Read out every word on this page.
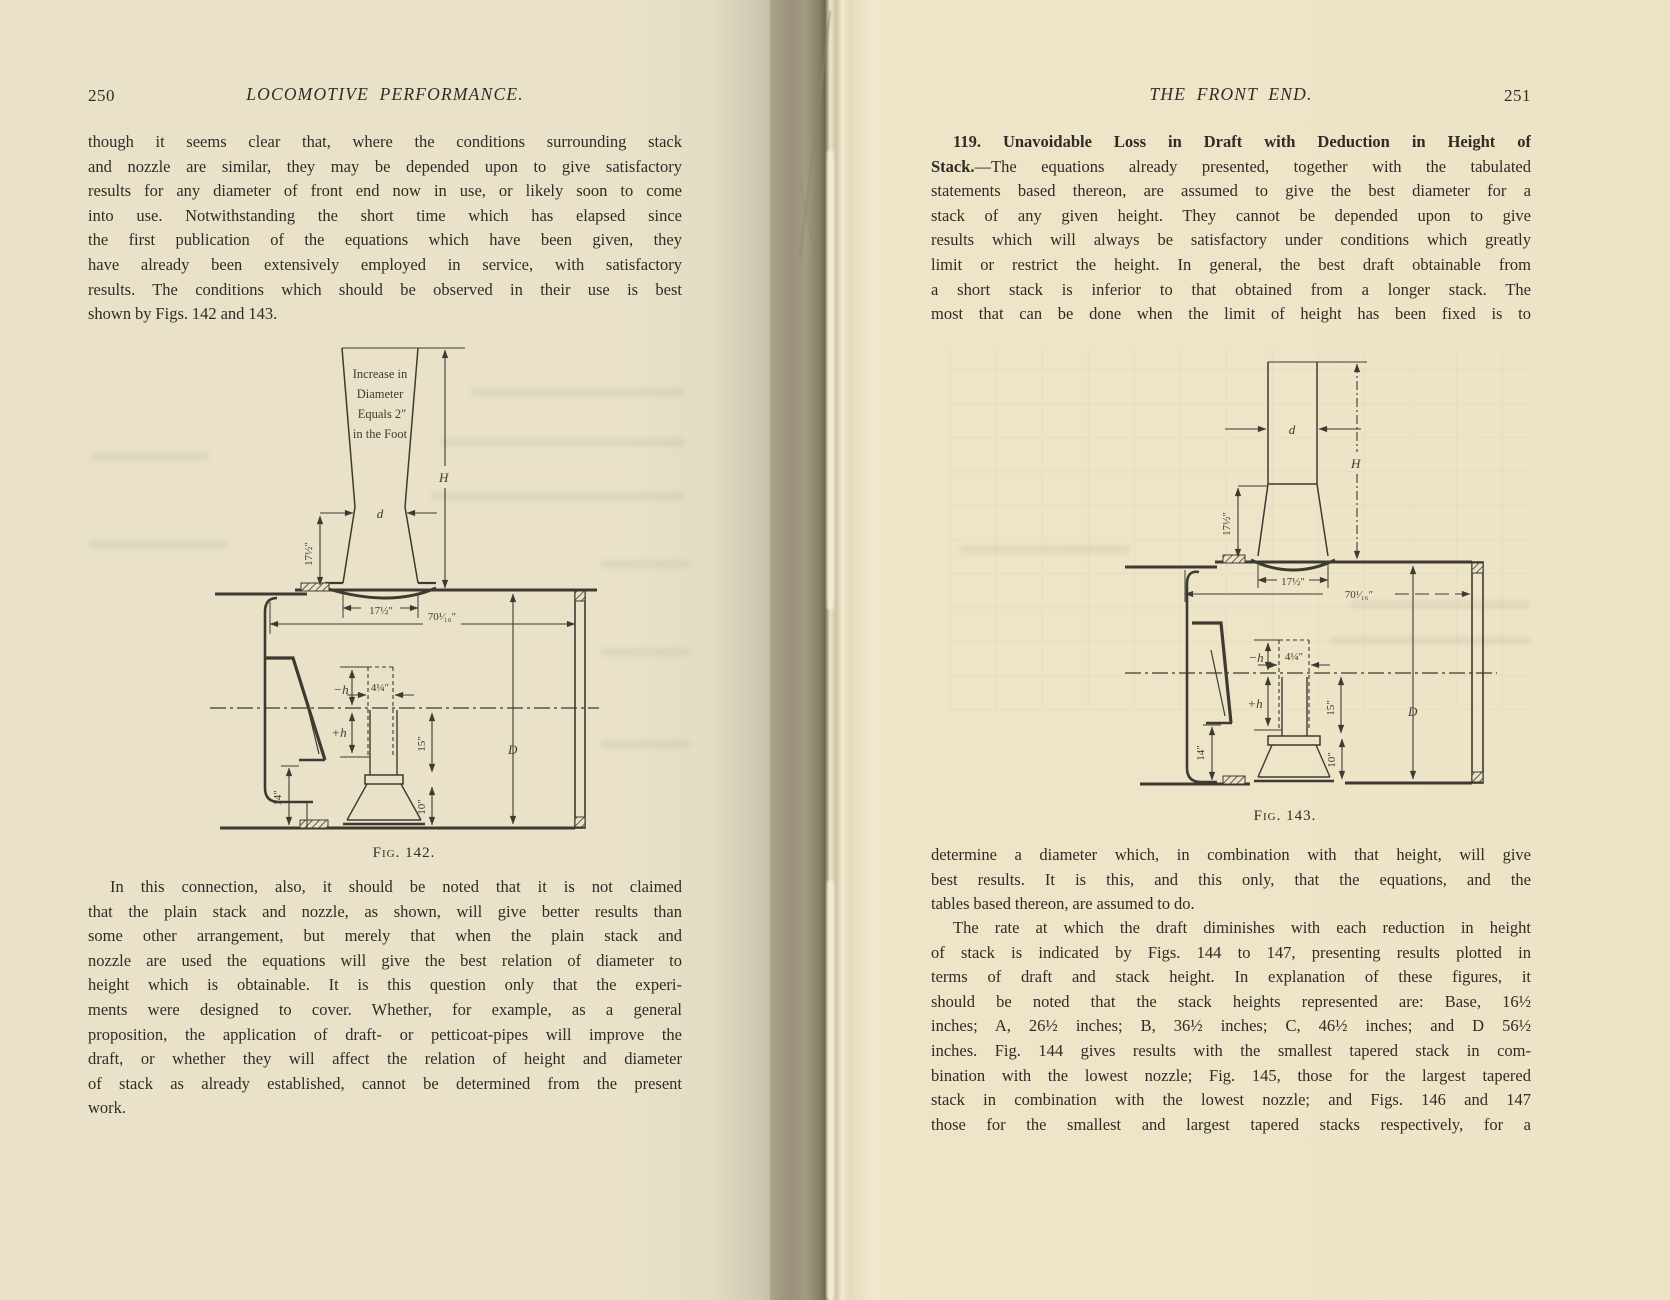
250	LOCOMOTIVE PERFORMANCE.
though it seems clear that, where the conditions surrounding stack
and nozzle are similar, they may be depended upon to give satisfactory
results for any diameter of front end now in use, or likely soon to come
into use. Notwithstanding the short time which has elapsed since
the first publication of the equations which have been given, they
have already been extensively employed in service, with satisfactory
results. The conditions which should be observed in their use is best
shown by Figs. 142 and 143.
Increase in
Diameter
Equals 2″
in the Foot
d
H
17½″
17½″	70¹⁄₁₆″
−h
+h
4¼″
15″
10″
14″
D
Fig. 142.
In this connection, also, it should be noted that it is not claimed
that the plain stack and nozzle, as shown, will give better results than
some other arrangement, but merely that when the plain stack and
nozzle are used the equations will give the best relation of diameter to
height which is obtainable. It is this question only that the experi-
ments were designed to cover. Whether, for example, as a general
proposition, the application of draft- or petticoat-pipes will improve the
draft, or whether they will affect the relation of height and diameter
of stack as already established, cannot be determined from the present
work.
THE FRONT END.	251
119. Unavoidable Loss in Draft with Deduction in Height of
Stack.—The equations already presented, together with the tabulated
statements based thereon, are assumed to give the best diameter for a
stack of any given height. They cannot be depended upon to give
results which will always be satisfactory under conditions which greatly
limit or restrict the height. In general, the best draft obtainable from
a short stack is inferior to that obtained from a longer stack. The
most that can be done when the limit of height has been fixed is to
d
H
17½″
17½″
70¹⁄₁₆″
−h
+h
4¼″
15″
10″
14″
D
Fig. 143.
determine a diameter which, in combination with that height, will give
best results. It is this, and this only, that the equations, and the
tables based thereon, are assumed to do.
The rate at which the draft diminishes with each reduction in height
of stack is indicated by Figs. 144 to 147, presenting results plotted in
terms of draft and stack height. In explanation of these figures, it
should be noted that the stack heights represented are: Base, 16½
inches; A, 26½ inches; B, 36½ inches; C, 46½ inches; and D 56½
inches. Fig. 144 gives results with the smallest tapered stack in com-
bination with the lowest nozzle; Fig. 145, those for the largest tapered
stack in combination with the lowest nozzle; and Figs. 146 and 147
those for the smallest and largest tapered stacks respectively, for a
